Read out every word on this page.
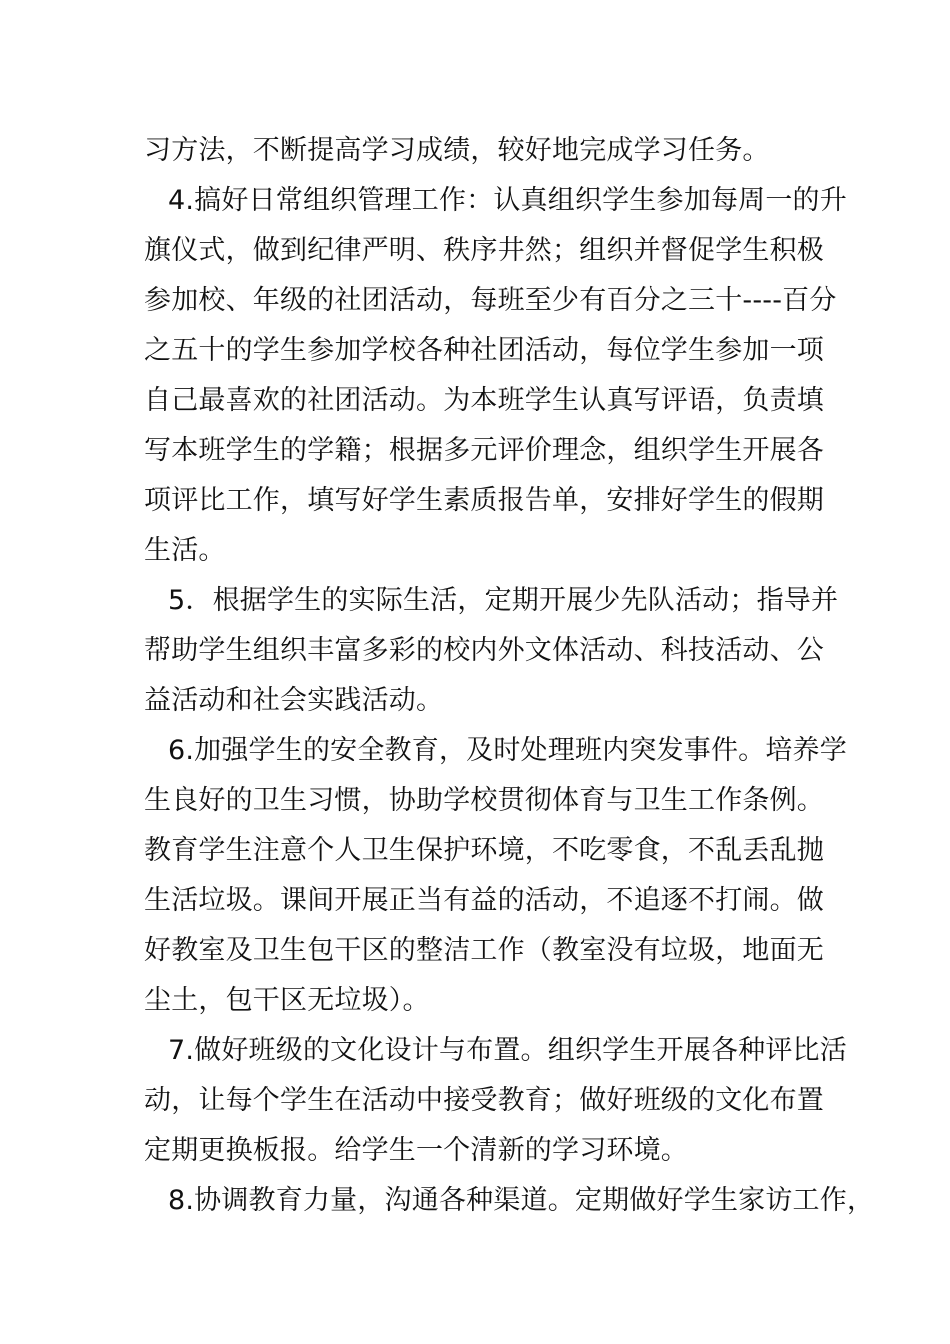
习方法，不断提高学习成绩，较好地完成学习任务。
4.搞好日常组织管理工作：认真组织学生参加每周一的升
旗仪式，做到纪律严明、秩序井然；组织并督促学生积极
参加校、年级的社团活动，每班至少有百分之三十----百分
之五十的学生参加学校各种社团活动，每位学生参加一项
自己最喜欢的社团活动。为本班学生认真写评语，负责填
写本班学生的学籍；根据多元评价理念，组织学生开展各
项评比工作，填写好学生素质报告单，安排好学生的假期
生活。
5．根据学生的实际生活，定期开展少先队活动；指导并
帮助学生组织丰富多彩的校内外文体活动、科技活动、公
益活动和社会实践活动。
6.加强学生的安全教育，及时处理班内突发事件。培养学
生良好的卫生习惯，协助学校贯彻体育与卫生工作条例。
教育学生注意个人卫生保护环境，不吃零食，不乱丢乱抛
生活垃圾。课间开展正当有益的活动，不追逐不打闹。做
好教室及卫生包干区的整洁工作（教室没有垃圾，地面无
尘土，包干区无垃圾）。
7.做好班级的文化设计与布置。组织学生开展各种评比活
动，让每个学生在活动中接受教育；做好班级的文化布置
定期更换板报。给学生一个清新的学习环境。
8.协调教育力量，沟通各种渠道。定期做好学生家访工作，
